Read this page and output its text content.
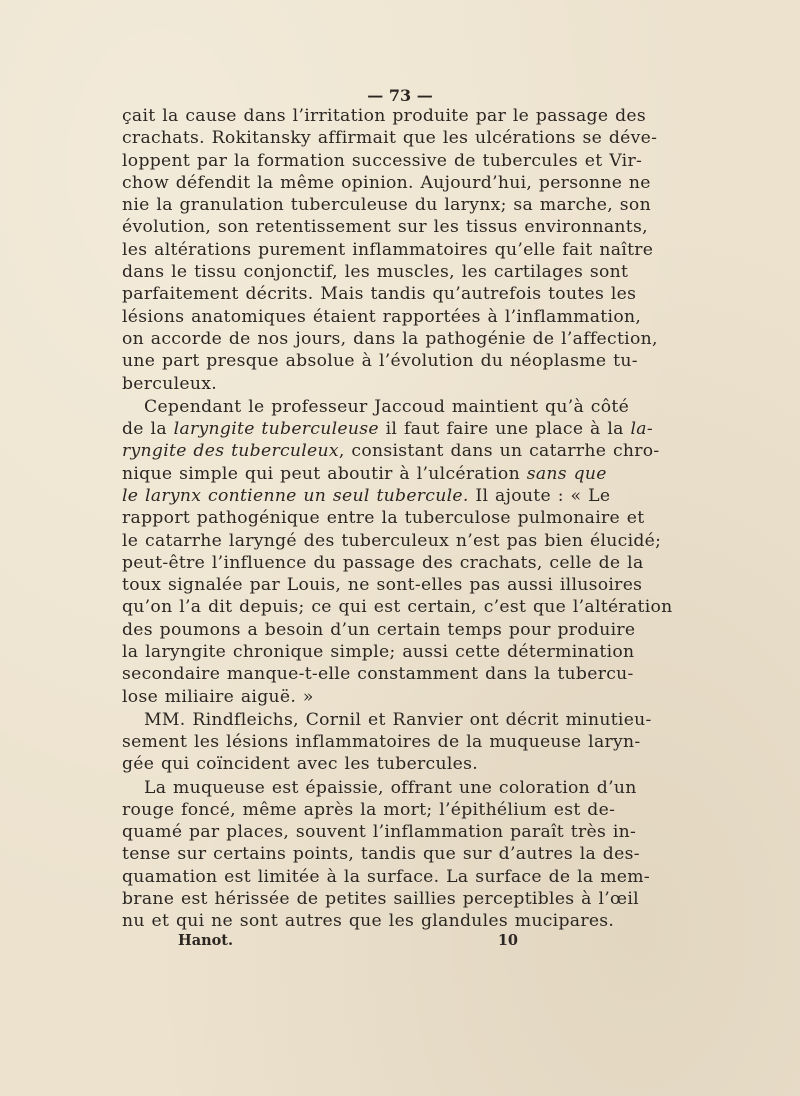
— 73 —
çait la cause dans l’irritation produite par le passage des
crachats. Rokitansky affirmait que les ulcérations se déve-
loppent par la formation successive de tubercules et Vir-
chow défendit la même opinion. Aujourd’hui, personne ne
nie la granulation tuberculeuse du larynx; sa marche, son
évolution, son retentissement sur les tissus environnants,
les altérations purement inflammatoires qu’elle fait naître
dans le tissu conjonctif, les muscles, les cartilages sont
parfaitement décrits. Mais tandis qu’autrefois toutes les
lésions anatomiques étaient rapportées à l’inflammation,
on accorde de nos jours, dans la pathogénie de l’affection,
une part presque absolue à l’évolution du néoplasme tu-
berculeux.
Cependant le professeur Jaccoud maintient qu’à côté
de la laryngite tuberculeuse il faut faire une place à la la-
ryngite des tuberculeux, consistant dans un catarrhe chro-
nique simple qui peut aboutir à l’ulcération sans que
le larynx contienne un seul tubercule. Il ajoute : « Le
rapport pathogénique entre la tuberculose pulmonaire et
le catarrhe laryngé des tuberculeux n’est pas bien élucidé;
peut-être l’influence du passage des crachats, celle de la
toux signalée par Louis, ne sont-elles pas aussi illusoires
qu’on l’a dit depuis; ce qui est certain, c’est que l’altération
des poumons a besoin d’un certain temps pour produire
la laryngite chronique simple; aussi cette détermination
secondaire manque-t-elle constamment dans la tubercu-
lose miliaire aiguë. »
MM. Rindfleichs, Cornil et Ranvier ont décrit minutieu-
sement les lésions inflammatoires de la muqueuse laryn-
gée qui coïncident avec les tubercules.
La muqueuse est épaissie, offrant une coloration d’un
rouge foncé, même après la mort; l’épithélium est de-
quamé par places, souvent l’inflammation paraît très in-
tense sur certains points, tandis que sur d’autres la des-
quamation est limitée à la surface. La surface de la mem-
brane est hérissée de petites saillies perceptibles à l’œil
nu et qui ne sont autres que les glandules mucipares.
Hanot.	10
